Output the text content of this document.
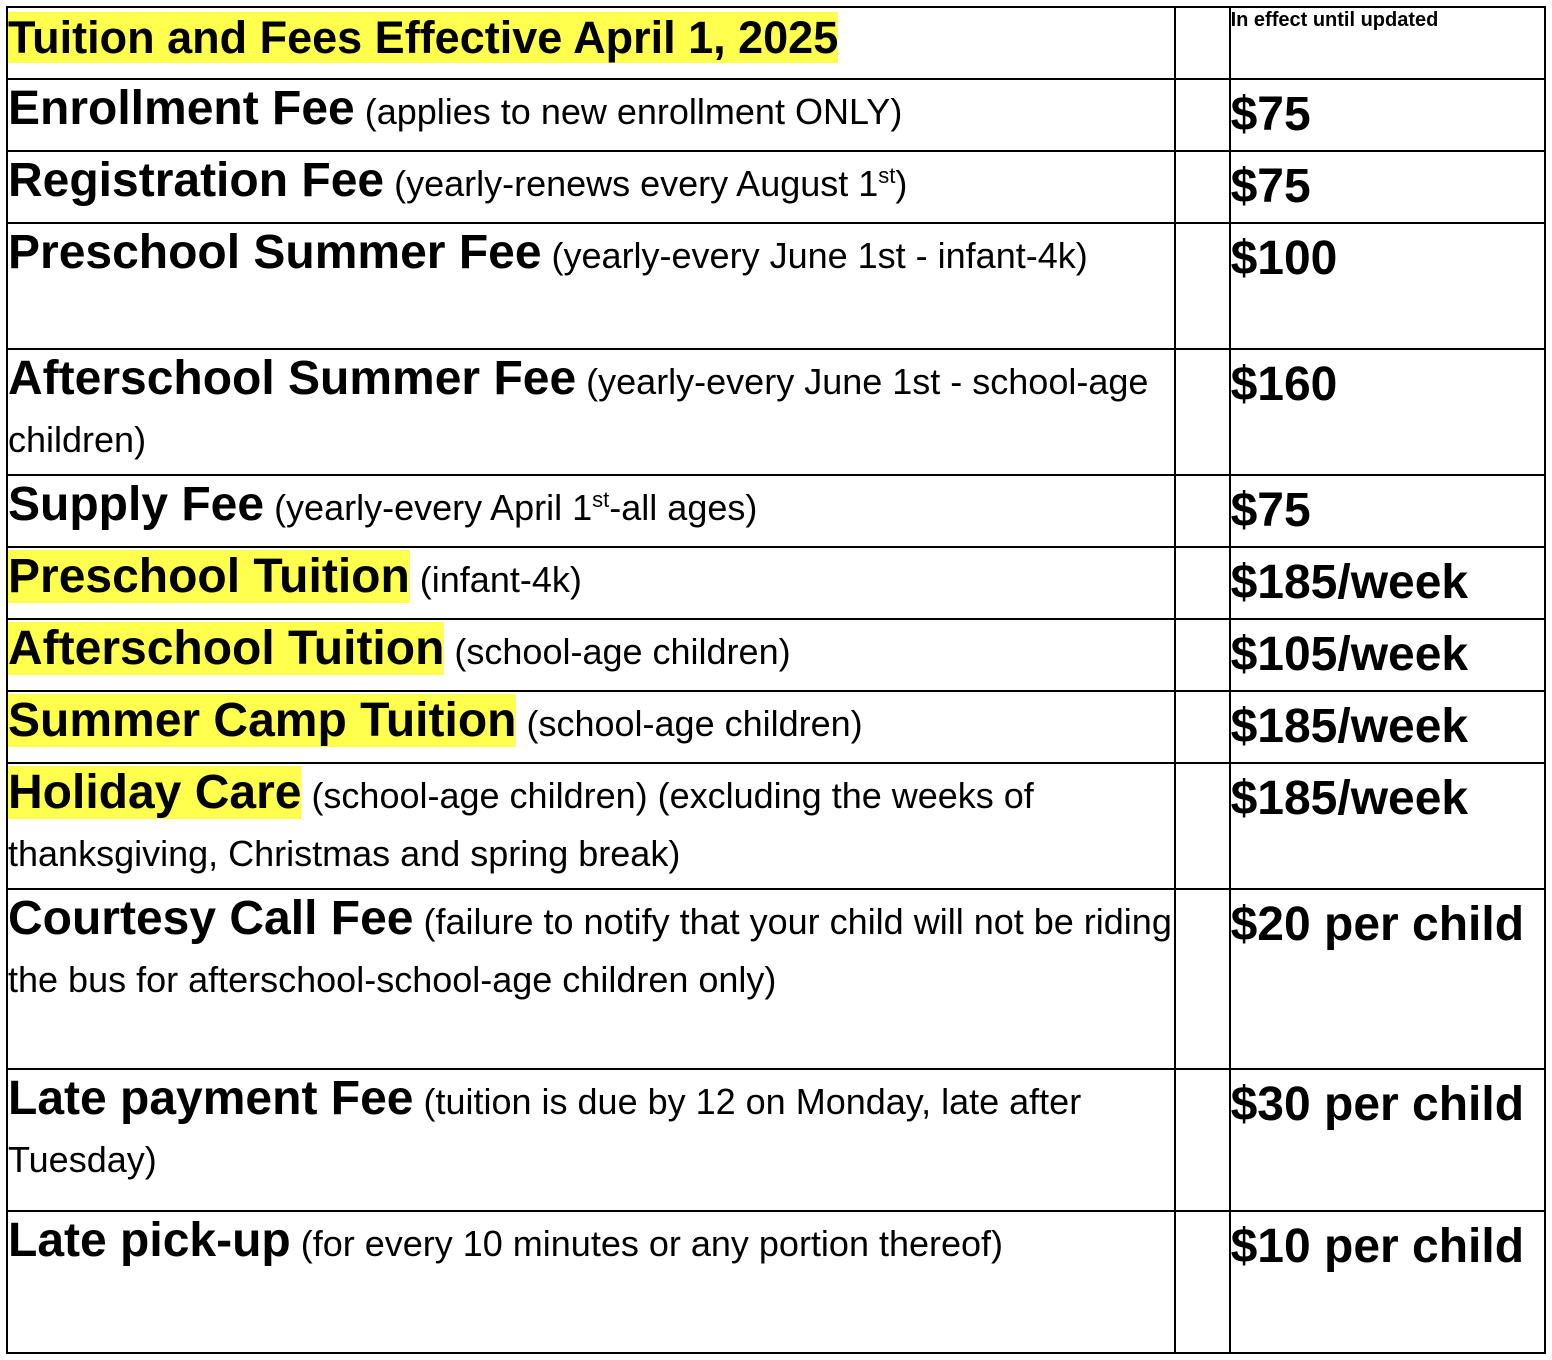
Tuition and Fees Effective April 1, 2025		In effect until updated
Enrollment Fee (applies to new enrollment ONLY)		$75
Registration Fee (yearly-renews every August 1st)		$75
Preschool Summer Fee (yearly-every June 1st - infant-4k)		$100
Afterschool Summer Fee (yearly-every June 1st - school-age children)		$160
Supply Fee (yearly-every April 1st-all ages)		$75
Preschool Tuition (infant-4k)		$185/week
Afterschool Tuition (school-age children)		$105/week
Summer Camp Tuition (school-age children)		$185/week
Holiday Care (school-age children) (excluding the weeks of thanksgiving, Christmas and spring break)		$185/week
Courtesy Call Fee (failure to notify that your child will not be riding the bus for afterschool-school-age children only)		$20 per child
Late payment Fee (tuition is due by 12 on Monday, late after Tuesday)		$30 per child
Late pick-up (for every 10 minutes or any portion thereof)		$10 per child
